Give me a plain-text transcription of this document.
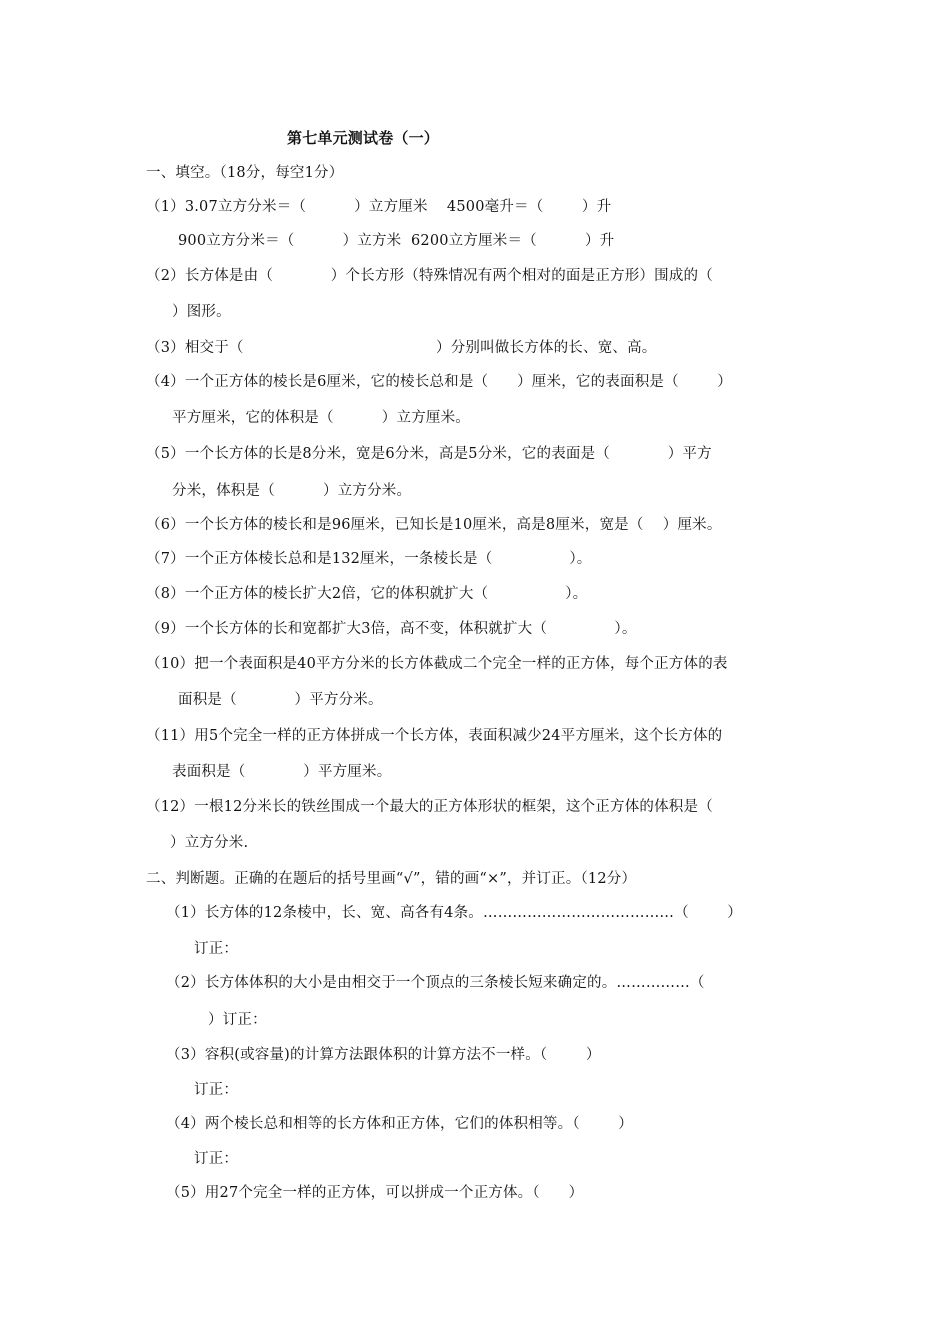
第七单元测试卷（一）
一、填空。（18分，每空1分）
（1）3.07立方分米＝（          ）立方厘米    4500毫升＝（        ）升
900立方分米＝（          ）立方米  6200立方厘米＝（          ）升
（2）长方体是由（            ）个长方形（特殊情况有两个相对的面是正方形）围成的（
）图形。
（3）相交于（                                        ）分别叫做长方体的长、宽、高。
（4）一个正方体的棱长是6厘米，它的棱长总和是（      ）厘米，它的表面积是（        ）
平方厘米，它的体积是（          ）立方厘米。
（5）一个长方体的长是8分米，宽是6分米，高是5分米，它的表面是（            ）平方
分米，体积是（          ）立方分米。
（6）一个长方体的棱长和是96厘米，已知长是10厘米，高是8厘米，宽是（    ）厘米。
（7）一个正方体棱长总和是132厘米，一条棱长是（                ）。
（8）一个正方体的棱长扩大2倍，它的体积就扩大（                ）。
（9）一个长方体的长和宽都扩大3倍，高不变，体积就扩大（              ）。
（10）把一个表面积是40平方分米的长方体截成二个完全一样的正方体，每个正方体的表
面积是（            ）平方分米。
（11）用5个完全一样的正方体拼成一个长方体，表面积减少24平方厘米，这个长方体的
表面积是（            ）平方厘米。
（12）一根12分米长的铁丝围成一个最大的正方体形状的框架，这个正方体的体积是（
）立方分米.
二、判断题。正确的在题后的括号里画“√”，错的画“×”，并订正。（12分）
（1）长方体的12条棱中，长、宽、高各有4条。…………………………………（        ）
订正：
（2）长方体体积的大小是由相交于一个顶点的三条棱长短来确定的。……………（
）订正：
（3）容积(或容量)的计算方法跟体积的计算方法不一样。（        ）
订正：
（4）两个棱长总和相等的长方体和正方体，它们的体积相等。（        ）
订正：
（5）用27个完全一样的正方体，可以拼成一个正方体。（      ）
